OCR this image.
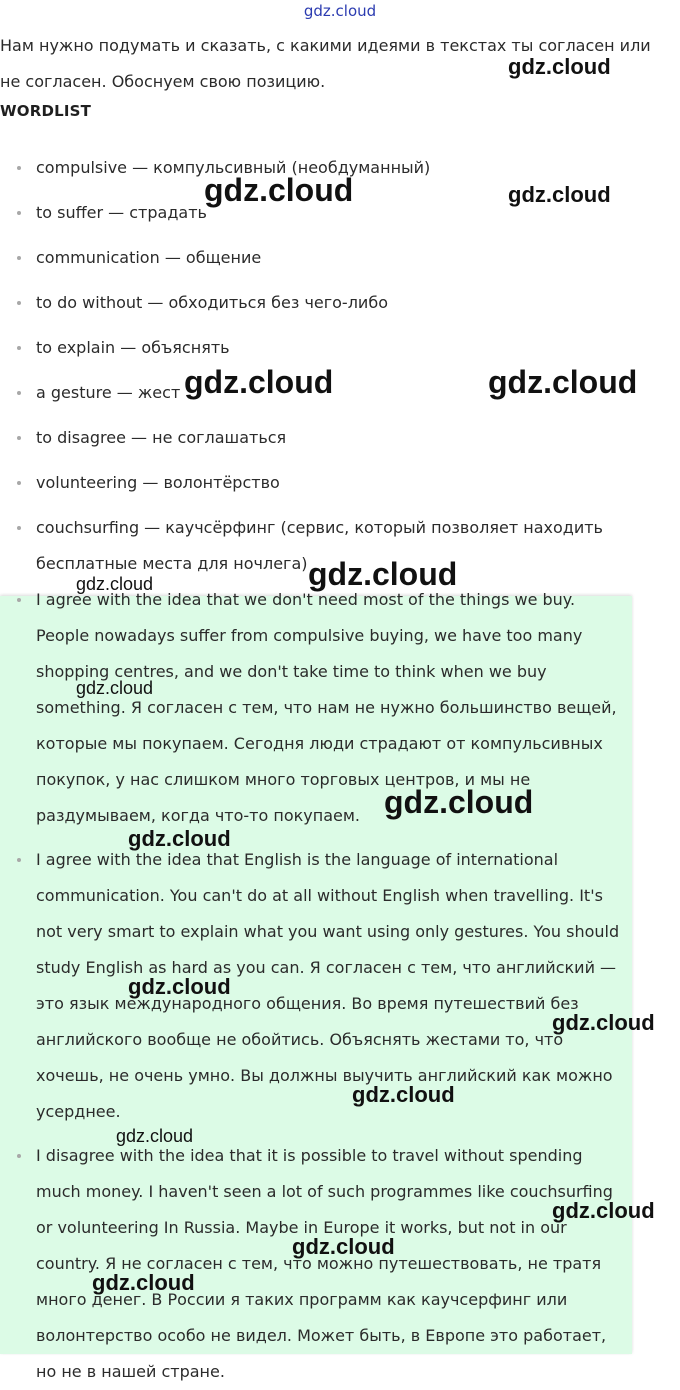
gdz.cloud
Нам нужно подумать и сказать, с какими идеями в текстах ты согласен или не согласен. Обоснуем свою позицию.
WORDLIST
compulsive — компульсивный (необдуманный)
to suffer — страдать
communication — общение
to do without — обходиться без чего-либо
to explain — объяснять
a gesture — жест
to disagree — не соглашаться
volunteering — волонтёрство
couchsurfing — каучсёрфинг (сервис, который позволяет находить бесплатные места для ночлега)
I agree with the idea that we don't need most of the things we buy. People nowadays suffer from compulsive buying, we have too many shopping centres, and we don't take time to think when we buy something. Я согласен с тем, что нам не нужно большинство вещей, которые мы покупаем. Сегодня люди страдают от компульсивных покупок, у нас слишком много торговых центров, и мы не раздумываем, когда что-то покупаем.
I agree with the idea that English is the language of international communication. You can't do at all without English when travelling. It's not very smart to explain what you want using only gestures. You should study English as hard as you can. Я согласен с тем, что английский — это язык международного общения. Во время путешествий без английского вообще не обойтись. Объяснять жестами то, что хочешь, не очень умно. Вы должны выучить английский как можно усерднее.
I disagree with the idea that it is possible to travel without spending much money. I haven't seen a lot of such programmes like couchsurfing or volunteering In Russia. Maybe in Europe it works, but not in our country. Я не согласен с тем, что можно путешествовать, не тратя много денег. В России я таких программ как каучсерфинг или волонтерство особо не видел. Может быть, в Европе это работает, но не в нашей стране.
gdz.cloud
gdz.cloud	gdz.cloud
gdz.cloud	gdz.cloud
gdz.cloud
gdz.cloud
gdz.cloud
gdz.cloud
gdz.cloud
gdz.cloud
gdz.cloud
gdz.cloud
gdz.cloud
gdz.cloud
gdz.cloud
gdz.cloud
